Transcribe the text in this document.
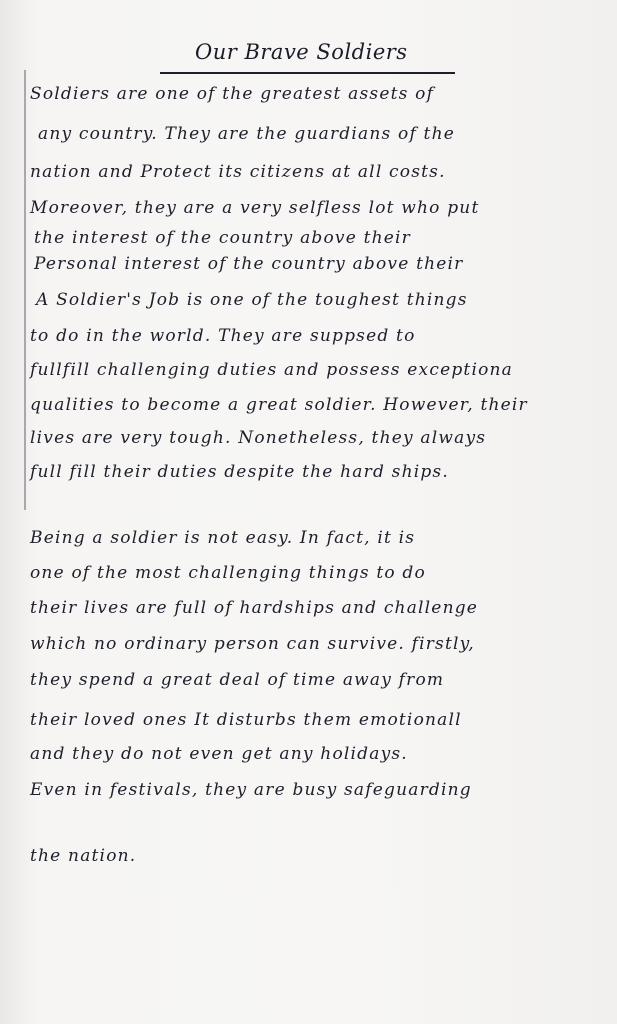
Our Brave Soldiers
Soldiers are one of the greatest assets of
any country. They are the guardians of the
nation and Protect its citizens at all costs.
Moreover, they are a very selfless lot who put
the interest of the country above their
Personal interest of the country above their
A Soldier's Job is one of the toughest things
to do in the world. They are suppsed to
fullfill challenging duties and possess exceptiona
qualities to become a great soldier. However, their
lives are very tough. Nonetheless, they always
full fill their duties despite the hard ships.
Being a soldier is not easy. In fact, it is
one of the most challenging things to do
their lives are full of hardships and challenge
which no ordinary person can survive. firstly,
they spend a great deal of time away from
their loved ones It disturbs them emotionall
and they do not even get any holidays.
Even in festivals, they are busy safeguarding
the nation.
